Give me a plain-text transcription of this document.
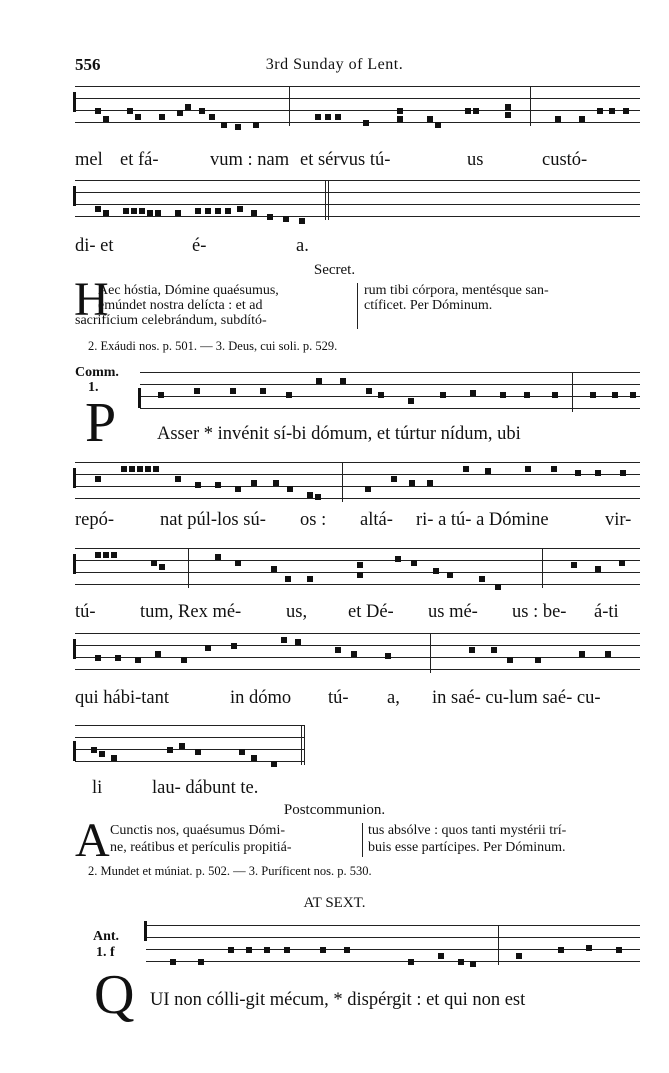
556	3rd Sunday of Lent.
mel et fá-	vum : nam et sérvus tú-	us	custó-
di- et	é-	a.
Secret.
H
Aec hóstia, Dómine quaésumus,
emúndet nostra delícta : et ad
sacrifícium celebrándum, subdító-
rum tibi córpora, mentésque san-
ctíficet. Per Dóminum.
2. Exáudi nos. p. 501. — 3. Deus, cui soli. p. 529.
Comm.
1.
P Asser * invénit sí-bi dómum, et túrtur nídum, ubi
repó- nat púl-los sú- os : altá- ri- a tú- a Dómine	vir-
tú- tum, Rex mé- us, et Dé- us mé- us : be- á-ti
qui hábi-tant	in dómo tú- a, in saé- cu-lum saé- cu-
li	lau- dábunt te.
Postcommunion.
A Cunctis nos, quaésumus Dómi-
ne, reátibus et perículis propitiá-
tus absólve : quos tanti mystérii trí-
buis esse partícipes. Per Dóminum.
2. Mundet et múniat. p. 502. — 3. Puríficent nos. p. 530.
AT SEXT.
Ant.
1. f
Q UI non cólli-git mécum, * dispérgit : et qui non est
